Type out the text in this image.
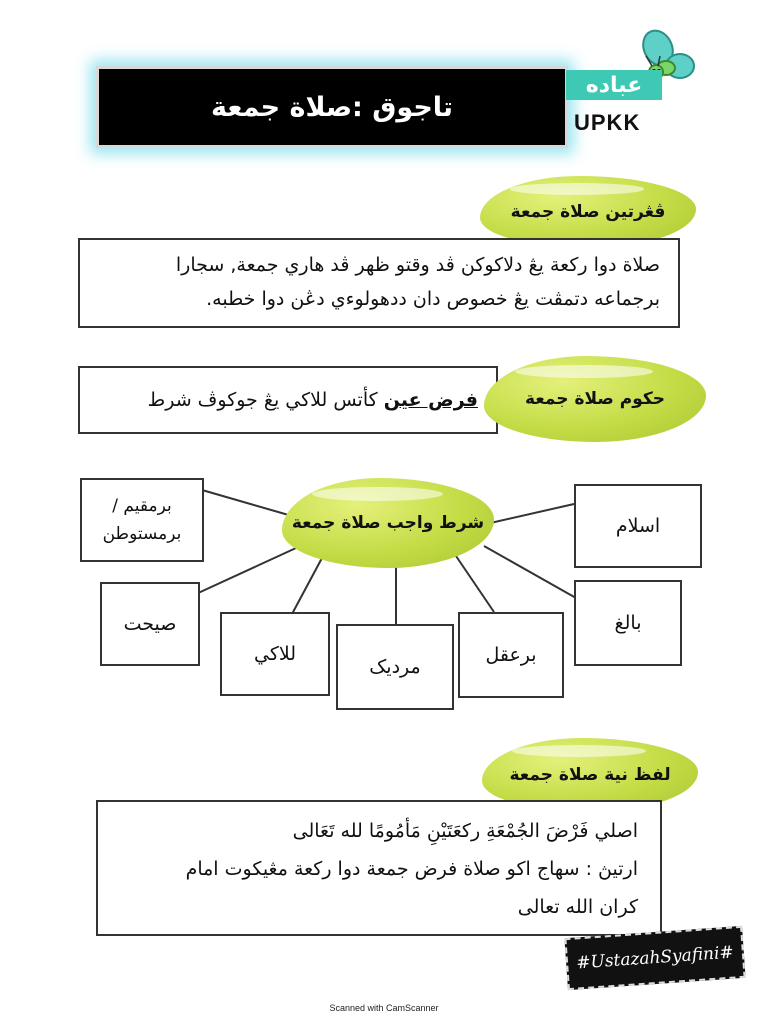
تاجوق :صلاة جمعة
عباده
UPKK
ڤڠرتين صلاة جمعة
صلاة دوا ركعة يڠ دلاكوكن ڤد وقتو ظهر ڤد هاري جمعة, سجارا
برجماعه دتمڤت يڠ خصوص دان ددهولوءي دڠن دوا خطبه.
فرض عين كأتس للاكي يڠ جوكوڤ شرط	حكوم صلاة جمعة
شرط واجب صلاة جمعة
برمقيم /
برمستوطن	اسلام
صيحت
للاكي
مرديک
برعقل
بالغ
لفظ نية صلاة جمعة
اصلي فَرْضَ الجُمْعَةِ ركعَتَيْنِ مَأمُومًا لله تَعَالى
ارتيڽ : سهاج اكو صلاة فرض جمعة دوا ركعة مڠيكوت امام
كران الله تعالى
#UstazahSyafini#
Scanned with CamScanner
